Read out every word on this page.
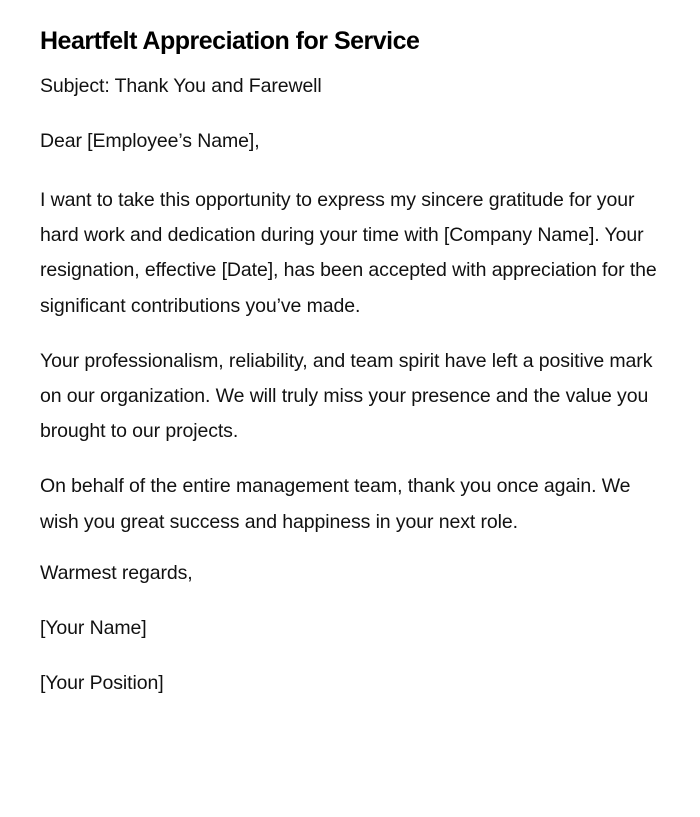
Heartfelt Appreciation for Service

Subject: Thank You and Farewell

Dear [Employee’s Name],

I want to take this opportunity to express my sincere gratitude for your hard work and dedication during your time with [Company Name]. Your resignation, effective [Date], has been accepted with appreciation for the significant contributions you’ve made.

Your professionalism, reliability, and team spirit have left a positive mark on our organization. We will truly miss your presence and the value you brought to our projects.

On behalf of the entire management team, thank you once again. We wish you great success and happiness in your next role.

Warmest regards,

[Your Name]

[Your Position]
